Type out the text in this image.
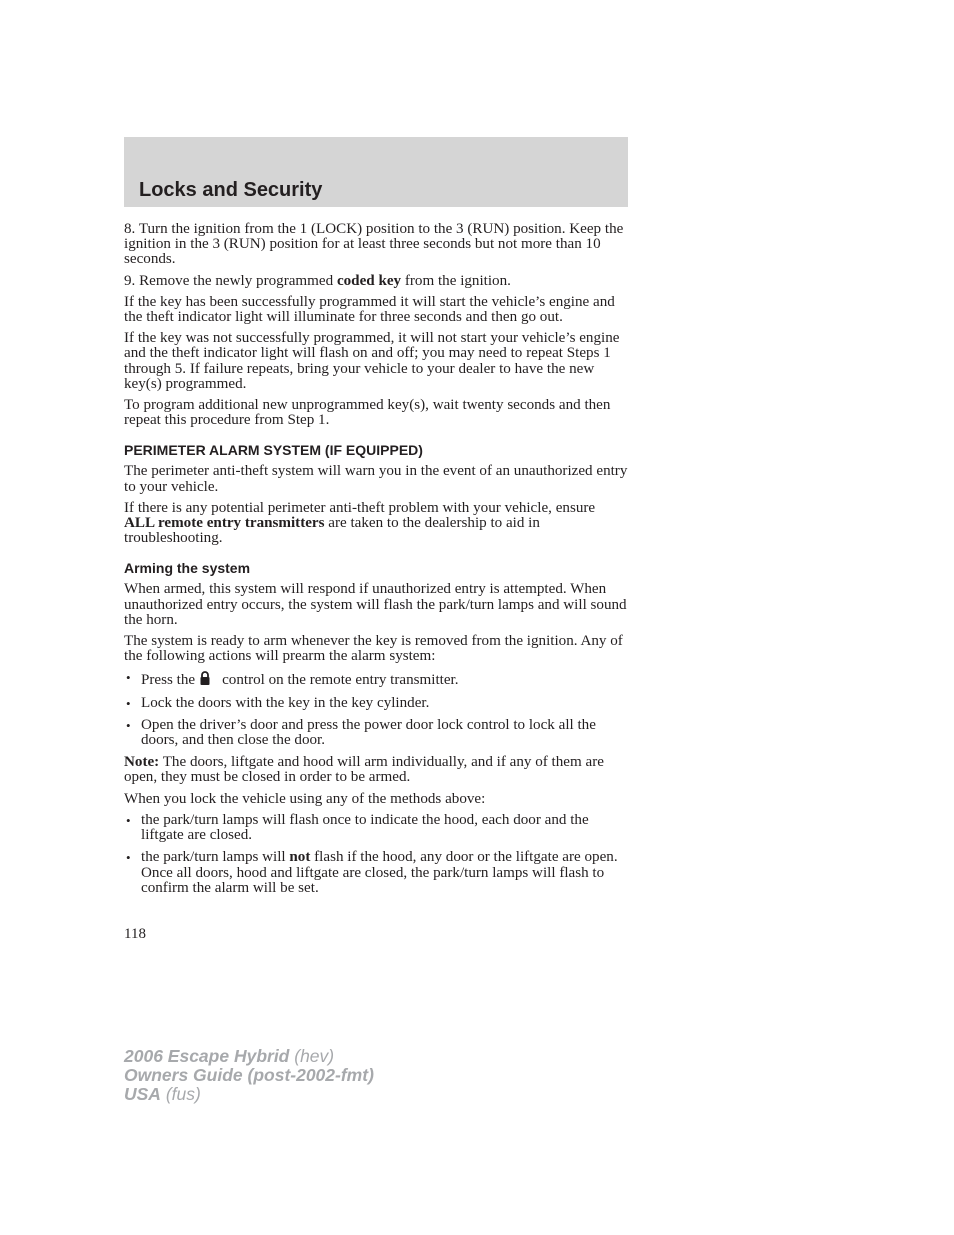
Locks and Security

8. Turn the ignition from the 1 (LOCK) position to the 3 (RUN) position. Keep the ignition in the 3 (RUN) position for at least three seconds but not more than 10 seconds.

9. Remove the newly programmed coded key from the ignition.

If the key has been successfully programmed it will start the vehicle’s engine and the theft indicator light will illuminate for three seconds and then go out.

If the key was not successfully programmed, it will not start your vehicle’s engine and the theft indicator light will flash on and off; you may need to repeat Steps 1 through 5. If failure repeats, bring your vehicle to your dealer to have the new key(s) programmed.

To program additional new unprogrammed key(s), wait twenty seconds and then repeat this procedure from Step 1.

PERIMETER ALARM SYSTEM (IF EQUIPPED)

The perimeter anti-theft system will warn you in the event of an unauthorized entry to your vehicle.

If there is any potential perimeter anti-theft problem with your vehicle, ensure ALL remote entry transmitters are taken to the dealership to aid in troubleshooting.

Arming the system

When armed, this system will respond if unauthorized entry is attempted. When unauthorized entry occurs, the system will flash the park/turn lamps and will sound the horn.

The system is ready to arm whenever the key is removed from the ignition. Any of the following actions will prearm the alarm system:

• Press the control on the remote entry transmitter.
• Lock the doors with the key in the key cylinder.
• Open the driver’s door and press the power door lock control to lock all the doors, and then close the door.

Note: The doors, liftgate and hood will arm individually, and if any of them are open, they must be closed in order to be armed.

When you lock the vehicle using any of the methods above:

• the park/turn lamps will flash once to indicate the hood, each door and the liftgate are closed.
• the park/turn lamps will not flash if the hood, any door or the liftgate are open. Once all doors, hood and liftgate are closed, the park/turn lamps will flash to confirm the alarm will be set.
118
2006 Escape Hybrid (hev)
Owners Guide (post-2002-fmt)
USA (fus)
